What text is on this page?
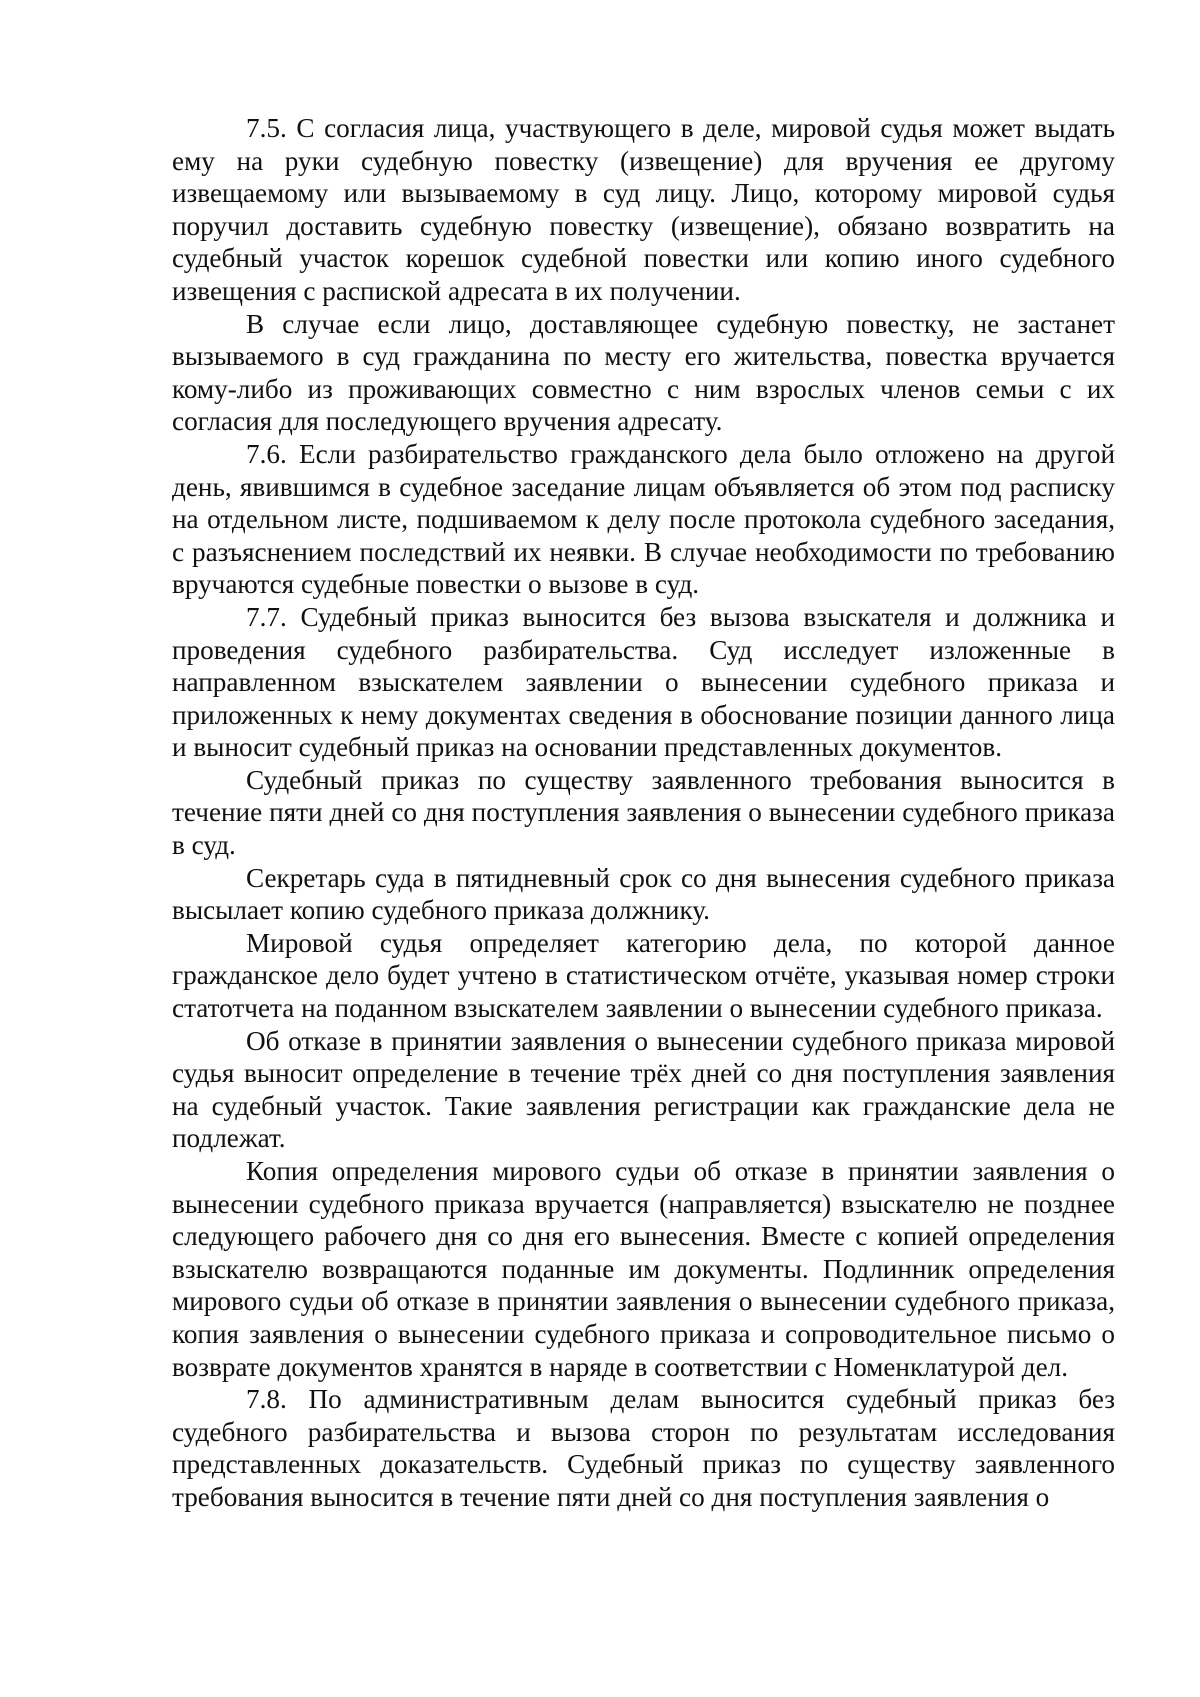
7.5. С согласия лица, участвующего в деле, мировой судья может выдать ему на руки судебную повестку (извещение) для вручения ее другому извещаемому или вызываемому в суд лицу. Лицо, которому мировой судья поручил доставить судебную повестку (извещение), обязано возвратить на судебный участок корешок судебной повестки или копию иного судебного извещения с распиской адресата в их получении.

В случае если лицо, доставляющее судебную повестку, не застанет вызываемого в суд гражданина по месту его жительства, повестка вручается кому-либо из проживающих совместно с ним взрослых членов семьи с их согласия для последующего вручения адресату.

7.6. Если разбирательство гражданского дела было отложено на другой день, явившимся в судебное заседание лицам объявляется об этом под расписку на отдельном листе, подшиваемом к делу после протокола судебного заседания, с разъяснением последствий их неявки. В случае необходимости по требованию вручаются судебные повестки о вызове в суд.

7.7. Судебный приказ выносится без вызова взыскателя и должника и проведения судебного разбирательства. Суд исследует изложенные в направленном взыскателем заявлении о вынесении судебного приказа и приложенных к нему документах сведения в обоснование позиции данного лица и выносит судебный приказ на основании представленных документов.

Судебный приказ по существу заявленного требования выносится в течение пяти дней со дня поступления заявления о вынесении судебного приказа в суд.

Секретарь суда в пятидневный срок со дня вынесения судебного приказа высылает копию судебного приказа должнику.

Мировой судья определяет категорию дела, по которой данное гражданское дело будет учтено в статистическом отчёте, указывая номер строки статотчета на поданном взыскателем заявлении о вынесении судебного приказа.

Об отказе в принятии заявления о вынесении судебного приказа мировой судья выносит определение в течение трёх дней со дня поступления заявления на судебный участок. Такие заявления регистрации как гражданские дела не подлежат.

Копия определения мирового судьи об отказе в принятии заявления о вынесении судебного приказа вручается (направляется) взыскателю не позднее следующего рабочего дня со дня его вынесения. Вместе с копией определения взыскателю возвращаются поданные им документы. Подлинник определения мирового судьи об отказе в принятии заявления о вынесении судебного приказа, копия заявления о вынесении судебного приказа и сопроводительное письмо о возврате документов хранятся в наряде в соответствии с Номенклатурой дел.

7.8. По административным делам выносится судебный приказ без судебного разбирательства и вызова сторон по результатам исследования представленных доказательств. Судебный приказ по существу заявленного требования выносится в течение пяти дней со дня поступления заявления о
